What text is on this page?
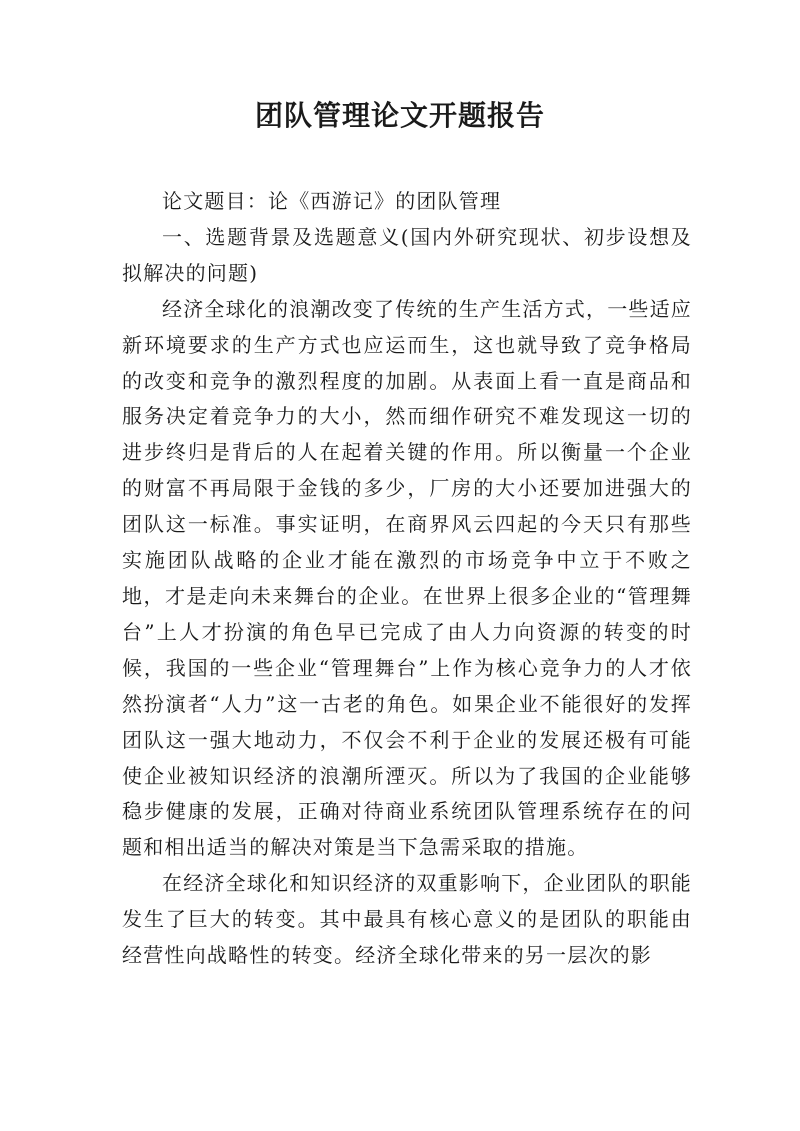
团队管理论文开题报告

论文题目：论《西游记》的团队管理

一、选题背景及选题意义(国内外研究现状、初步设想及拟解决的问题)

经济全球化的浪潮改变了传统的生产生活方式，一些适应新环境要求的生产方式也应运而生，这也就导致了竞争格局的改变和竞争的激烈程度的加剧。从表面上看一直是商品和服务决定着竞争力的大小，然而细作研究不难发现这一切的进步终归是背后的人在起着关键的作用。所以衡量一个企业的财富不再局限于金钱的多少，厂房的大小还要加进强大的团队这一标准。事实证明，在商界风云四起的今天只有那些实施团队战略的企业才能在激烈的市场竞争中立于不败之地，才是走向未来舞台的企业。在世界上很多企业的“管理舞台”上人才扮演的角色早已完成了由人力向资源的转变的时候，我国的一些企业“管理舞台”上作为核心竞争力的人才依然扮演者“人力”这一古老的角色。如果企业不能很好的发挥团队这一强大地动力，不仅会不利于企业的发展还极有可能使企业被知识经济的浪潮所湮灭。所以为了我国的企业能够稳步健康的发展，正确对待商业系统团队管理系统存在的问题和相出适当的解决对策是当下急需采取的措施。

在经济全球化和知识经济的双重影响下，企业团队的职能发生了巨大的转变。其中最具有核心意义的是团队的职能由经营性向战略性的转变。经济全球化带来的另一层次的影
